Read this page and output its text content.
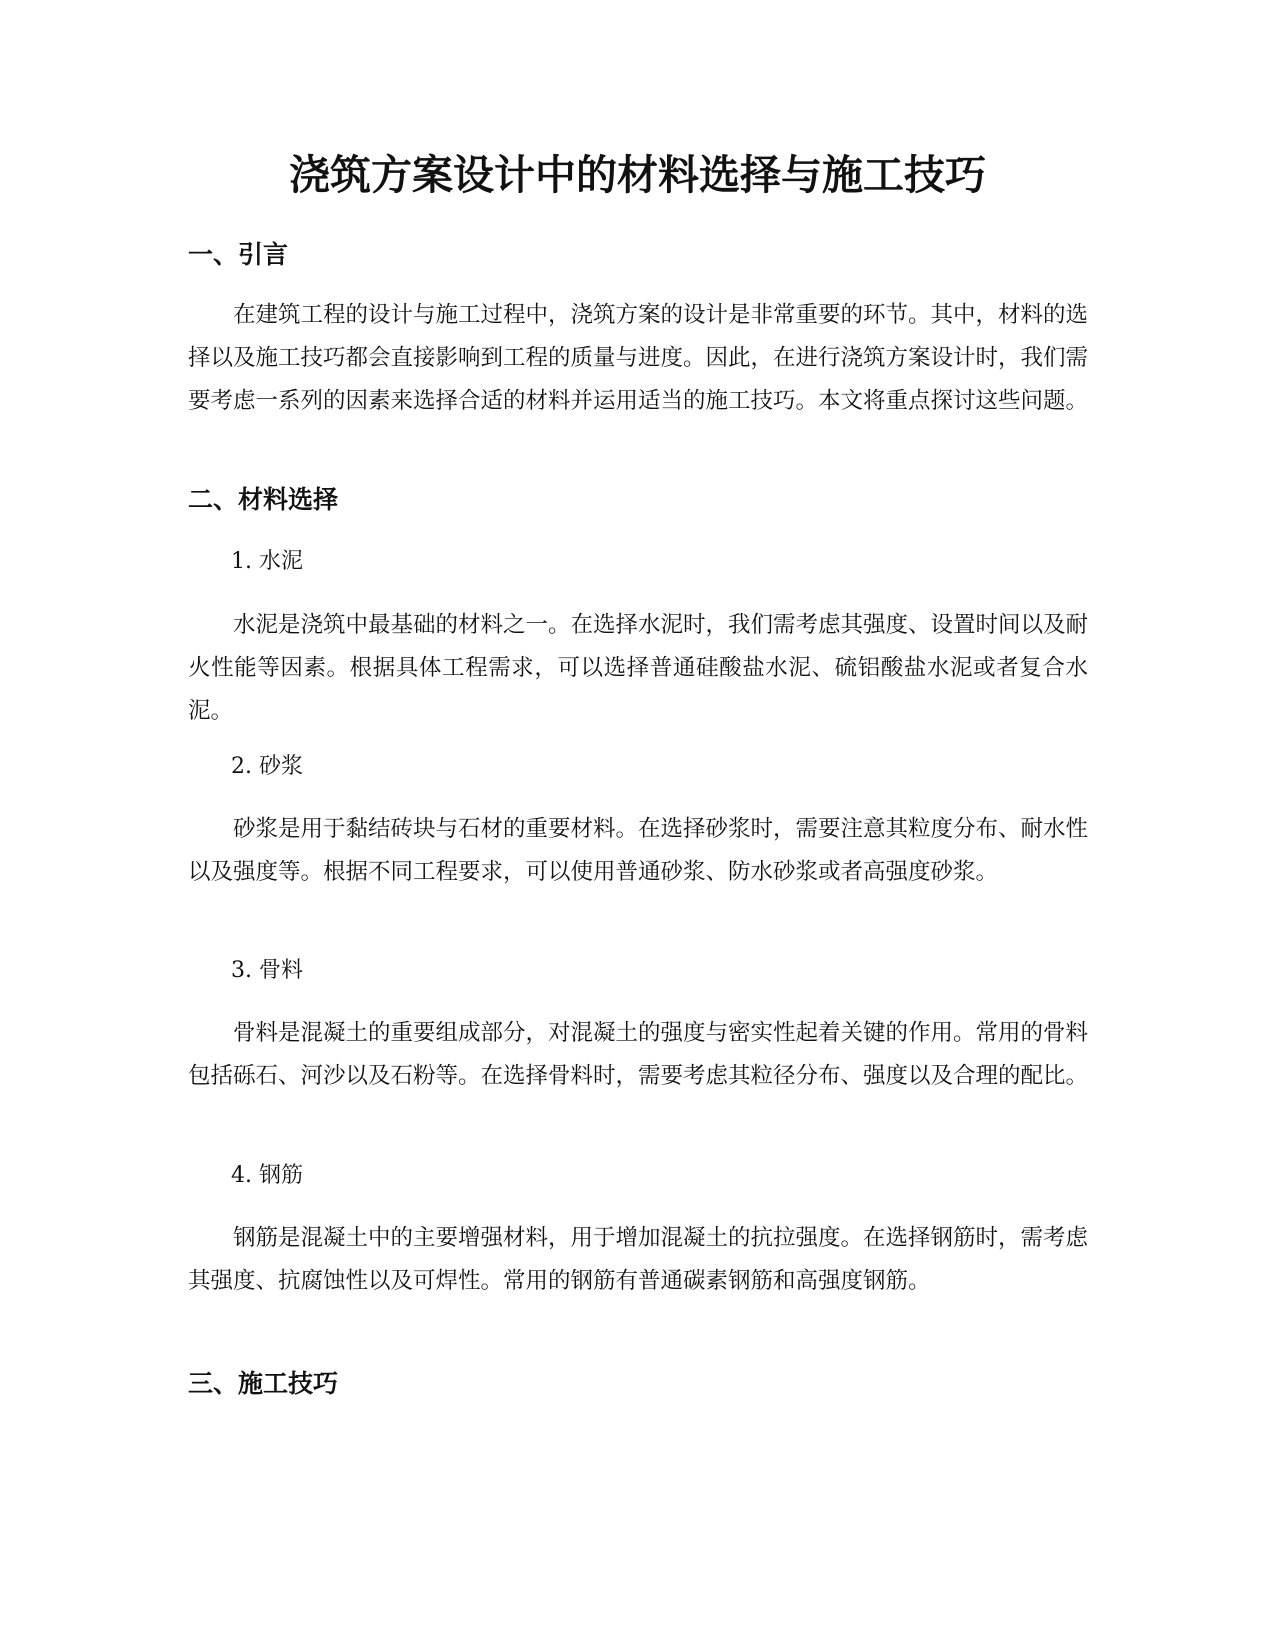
浇筑方案设计中的材料选择与施工技巧
一、引言

在建筑工程的设计与施工过程中，浇筑方案的设计是非常重要的环节。其中，材料的选择以及施工技巧都会直接影响到工程的质量与进度。因此，在进行浇筑方案设计时，我们需要考虑一系列的因素来选择合适的材料并运用适当的施工技巧。本文将重点探讨这些问题。

二、材料选择

1. 水泥

水泥是浇筑中最基础的材料之一。在选择水泥时，我们需考虑其强度、设置时间以及耐火性能等因素。根据具体工程需求，可以选择普通硅酸盐水泥、硫铝酸盐水泥或者复合水泥。

2. 砂浆

砂浆是用于黏结砖块与石材的重要材料。在选择砂浆时，需要注意其粒度分布、耐水性以及强度等。根据不同工程要求，可以使用普通砂浆、防水砂浆或者高强度砂浆。

3. 骨料

骨料是混凝土的重要组成部分，对混凝土的强度与密实性起着关键的作用。常用的骨料包括砾石、河沙以及石粉等。在选择骨料时，需要考虑其粒径分布、强度以及合理的配比。

4. 钢筋

钢筋是混凝土中的主要增强材料，用于增加混凝土的抗拉强度。在选择钢筋时，需考虑其强度、抗腐蚀性以及可焊性。常用的钢筋有普通碳素钢筋和高强度钢筋。

三、施工技巧
